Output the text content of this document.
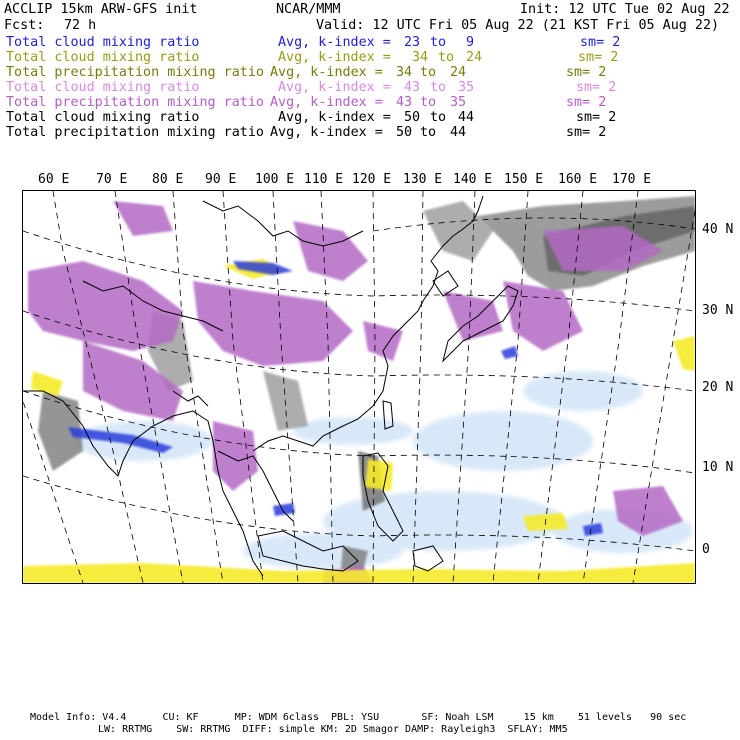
ACCLIP 15km ARW-GFS init	NCAR/MMM	Init: 12 UTC Tue 02 Aug 22
Fcst: 72 h	Valid: 12 UTC Fri 05 Aug 22 (21 KST Fri 05 Aug 22)
Total cloud mixing ratio	Avg, k-index = 23 to 9	sm= 2
Total cloud mixing ratio	Avg, k-index = 34 to 24	sm= 2
Total precipitation mixing ratio Avg, k-index = 34 to 24	sm= 2
Total cloud mixing ratio	Avg, k-index = 43 to 35	sm= 2
Total precipitation mixing ratio Avg, k-index = 43 to 35	sm= 2
Total cloud mixing ratio	Avg, k-index = 50 to 44	sm= 2
Total precipitation mixing ratio Avg, k-index = 50 to 44	sm= 2
60 E 70 E 80 E 90 E 100 E 110 E 120 E 130 E 140 E 150 E 160 E 170 E
40 N
30 N
20 N
10 N
0
Model Info: V4.4      CU: KF      MP: WDM 6class  PBL: YSU       SF: Noah LSM     15 km    51 levels   90 sec
LW: RRTMG    SW: RRTMG  DIFF: simple KM: 2D Smagor DAMP: Rayleigh3  SFLAY: MM5
